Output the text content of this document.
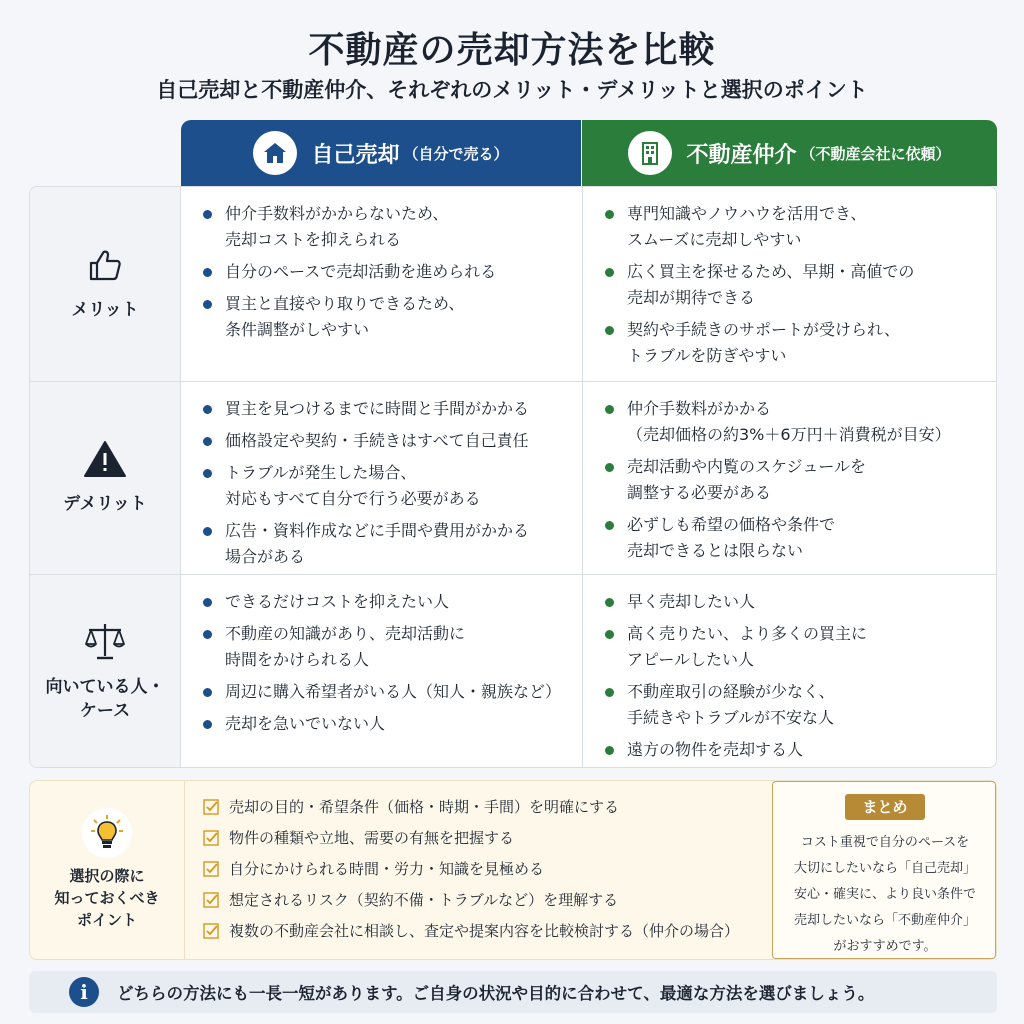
不動産の売却方法を比較
自己売却と不動産仲介、それぞれのメリット・デメリットと選択のポイント
自己売却 （自分で売る）	不動産仲介 （不動産会社に依頼）
メリット
仲介手数料がかからないため、
売却コストを抑えられる
自分のペースで売却活動を進められる
買主と直接やり取りできるため、
条件調整がしやすい
専門知識やノウハウを活用でき、
スムーズに売却しやすい
広く買主を探せるため、早期・高値での
売却が期待できる
契約や手続きのサポートが受けられ、
トラブルを防ぎやすい
デメリット
買主を見つけるまでに時間と手間がかかる
価格設定や契約・手続きはすべて自己責任
トラブルが発生した場合、
対応もすべて自分で行う必要がある
広告・資料作成などに手間や費用がかかる
場合がある
仲介手数料がかかる
（売却価格の約3%＋6万円＋消費税が目安）
売却活動や内覧のスケジュールを
調整する必要がある
必ずしも希望の価格や条件で
売却できるとは限らない
向いている人・
ケース
できるだけコストを抑えたい人
不動産の知識があり、売却活動に
時間をかけられる人
周辺に購入希望者がいる人（知人・親族など）
売却を急いでいない人
早く売却したい人
高く売りたい、より多くの買主に
アピールしたい人
不動産取引の経験が少なく、
手続きやトラブルが不安な人
遠方の物件を売却する人
選択の際に
知っておくべき
ポイント
売却の目的・希望条件（価格・時期・手間）を明確にする
物件の種類や立地、需要の有無を把握する
自分にかけられる時間・労力・知識を見極める
想定されるリスク（契約不備・トラブルなど）を理解する
複数の不動産会社に相談し、査定や提案内容を比較検討する（仲介の場合）
まとめ
コスト重視で自分のペースを
大切にしたいなら「自己売却」
安心・確実に、より良い条件で
売却したいなら「不動産仲介」
がおすすめです。
i	どちらの方法にも一長一短があります。ご自身の状況や目的に合わせて、最適な方法を選びましょう。
